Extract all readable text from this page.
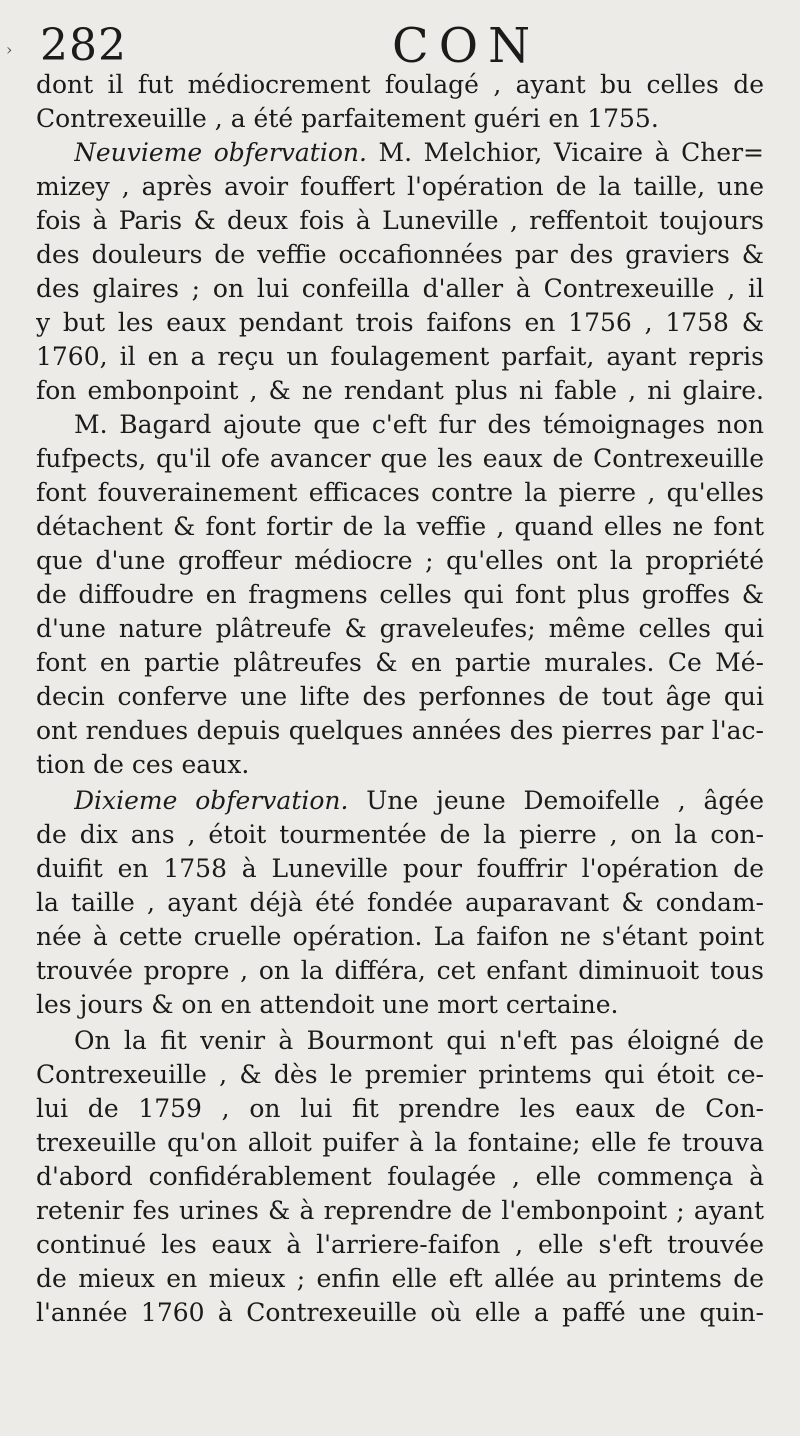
› 282	CON
dont il fut médiocrement foulagé , ayant bu celles de
Contrexeuille , a été parfaitement guéri en 1755.
Neuvieme obfervation. M. Melchior, Vicaire à Cher=
mizey , après avoir fouffert l'opération de la taille, une
fois à Paris & deux fois à Luneville , reffentoit toujours
des douleurs de veffie occafionnées par des graviers &
des glaires ; on lui confeilla d'aller à Contrexeuille , il
y but les eaux pendant trois faifons en 1756 , 1758 &
1760, il en a reçu un foulagement parfait, ayant repris
fon embonpoint , & ne rendant plus ni fable , ni glaire.
M. Bagard ajoute que c'eft fur des témoignages non
fufpects, qu'il ofe avancer que les eaux de Contrexeuille
font fouverainement efficaces contre la pierre , qu'elles
détachent & font fortir de la veffie , quand elles ne font
que d'une groffeur médiocre ; qu'elles ont la propriété
de diffoudre en fragmens celles qui font plus groffes &
d'une nature plâtreufe & graveleufes; même celles qui
font en partie plâtreufes & en partie murales. Ce Mé-
decin conferve une lifte des perfonnes de tout âge qui
ont rendues depuis quelques années des pierres par l'ac-
tion de ces eaux.
Dixieme obfervation. Une jeune Demoifelle , âgée
de dix ans , étoit tourmentée de la pierre , on la con-
duifit en 1758 à Luneville pour fouffrir l'opération de
la taille , ayant déjà été fondée auparavant & condam-
née à cette cruelle opération. La faifon ne s'étant point
trouvée propre , on la différa, cet enfant diminuoit tous
les jours & on en attendoit une mort certaine.
On la fit venir à Bourmont qui n'eft pas éloigné de
Contrexeuille , & dès le premier printems qui étoit ce-
lui de 1759 , on lui fit prendre les eaux de Con-
trexeuille qu'on alloit puifer à la fontaine; elle fe trouva
d'abord confidérablement foulagée , elle commença à
retenir fes urines & à reprendre de l'embonpoint ; ayant
continué les eaux à l'arriere-faifon , elle s'eft trouvée
de mieux en mieux ; enfin elle eft allée au printems de
l'année 1760 à Contrexeuille où elle a paffé une quin-
